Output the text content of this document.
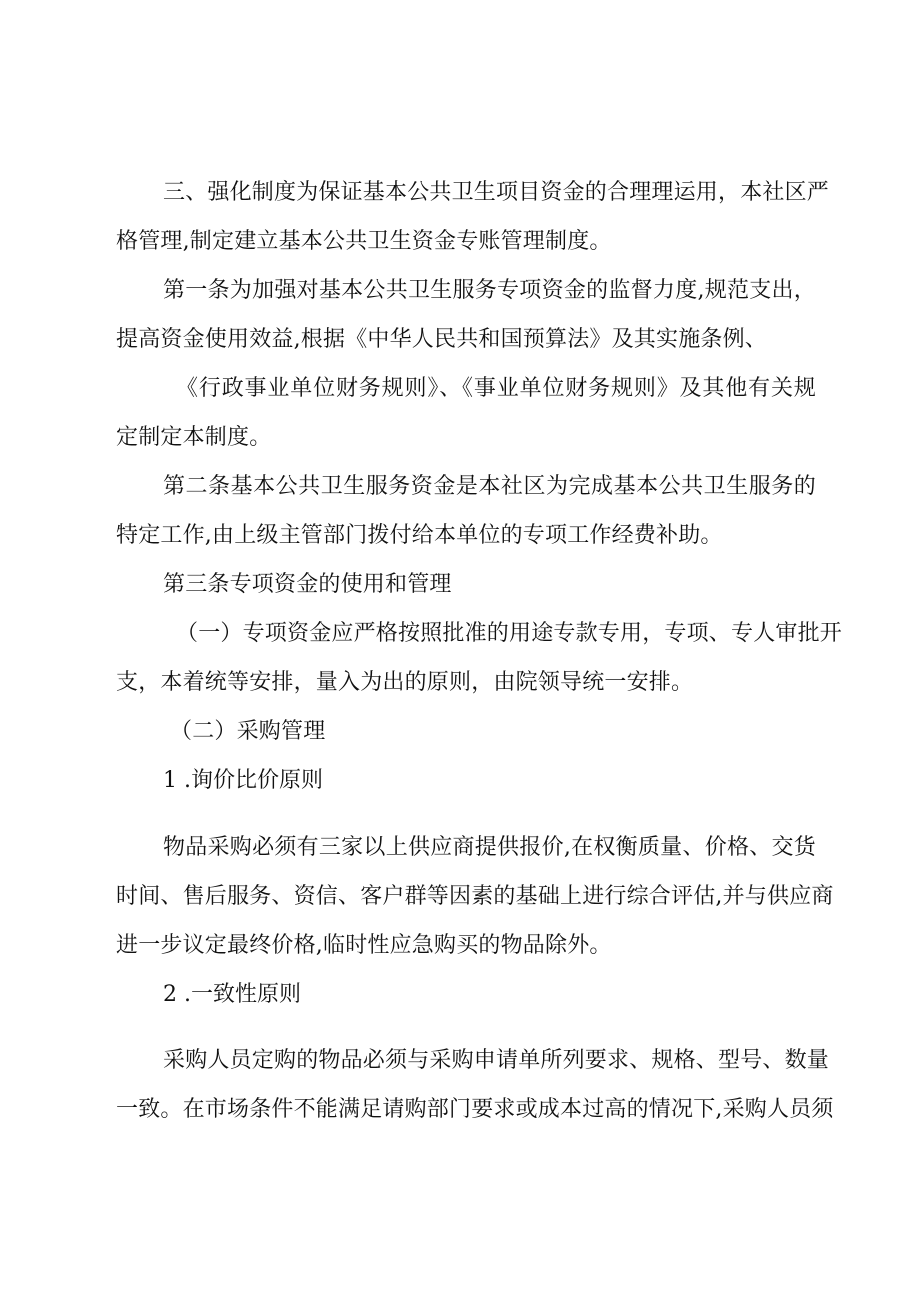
三、强化制度为保证基本公共卫生项目资金的合理理运用，本社区严
格管理,制定建立基本公共卫生资金专账管理制度。
第一条为加强对基本公共卫生服务专项资金的监督力度,规范支出，
提高资金使用效益,根据《中华人民共和国预算法》及其实施条例、
《行政事业单位财务规则》、《事业单位财务规则》及其他有关规
定制定本制度。
第二条基本公共卫生服务资金是本社区为完成基本公共卫生服务的
特定工作,由上级主管部门拨付给本单位的专项工作经费补助。
第三条专项资金的使用和管理
（一）专项资金应严格按照批准的用途专款专用，专项、专人审批开
支，本着统等安排，量入为出的原则，由院领导统一安排。
（二）采购管理
1 .询价比价原则
物品采购必须有三家以上供应商提供报价,在权衡质量、价格、交货
时间、售后服务、资信、客户群等因素的基础上进行综合评估,并与供应商
进一步议定最终价格,临时性应急购买的物品除外。
2 .一致性原则
采购人员定购的物品必须与采购申请单所列要求、规格、型号、数量
一致。在市场条件不能满足请购部门要求或成本过高的情况下,采购人员须
